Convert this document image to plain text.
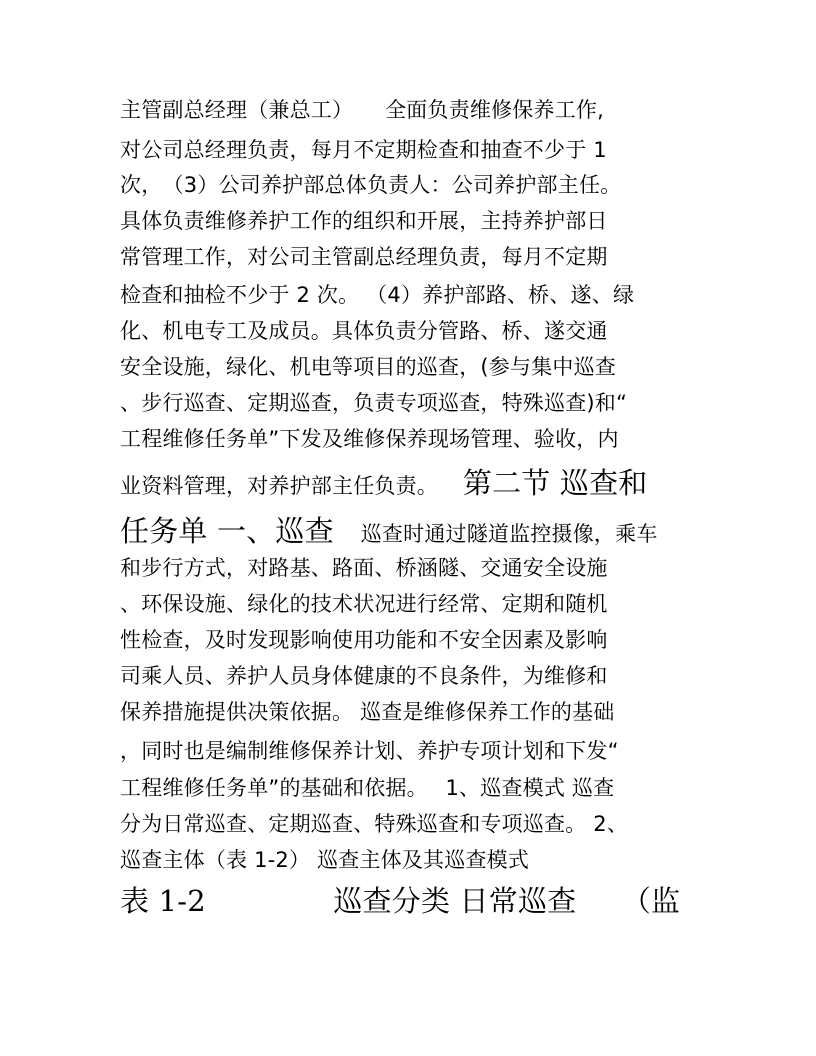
主管副总经理（兼总工）　　全面负责维修保养工作,
对公司总经理负责，每月不定期检查和抽查不少于 1
次，　（3）公司养护部总体负责人：公司养护部主任。
具体负责维修养护工作的组织和开展，主持养护部日
常管理工作，对公司主管副总经理负责，每月不定期
检查和抽检不少于 2 次。 （4）养护部路、桥、遂、绿
化、机电专工及成员。具体负责分管路、桥、遂交通
安全设施，绿化、机电等项目的巡查，(参与集中巡查
、步行巡查、定期巡查，负责专项巡查，特殊巡查)和“
工程维修任务单”下发及维修保养现场管理、验收，内
业资料管理，对养护部主任负责。 第二节 巡查和
任务单 一、巡查 巡查时通过隧道监控摄像，乘车
和步行方式，对路基、路面、桥涵隧、交通安全设施
、环保设施、绿化的技术状况进行经常、定期和随机
性检查，及时发现影响使用功能和不安全因素及影响
司乘人员、养护人员身体健康的不良条件，为维修和
保养措施提供决策依据。 巡查是维修保养工作的基础
，同时也是编制维修保养计划、养护专项计划和下发“
工程维修任务单”的基础和依据。　 1、巡查模式 巡查
分为日常巡查、定期巡查、特殊巡查和专项巡查。 2、
巡查主体（表 1-2） 巡查主体及其巡查模式
表 1-2	巡查分类 日常巡查 （监
